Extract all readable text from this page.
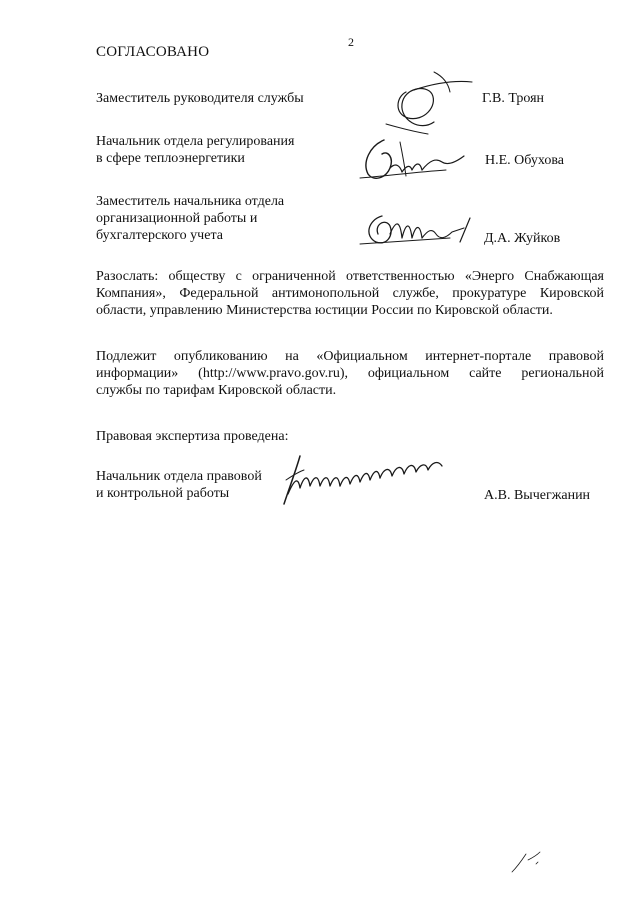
2
СОГЛАСОВАНО
Заместитель руководителя службы	Г.В. Троян
Начальник отдела регулирования
в сфере теплоэнергетики	Н.Е. Обухова
Заместитель начальника отдела
организационной работы и
бухгалтерского учета	Д.А. Жуйков
Разослать: обществу с ограниченной ответственностью «Энерго Снабжающая
Компания», Федеральной антимонопольной службе, прокуратуре Кировской
области, управлению Министерства юстиции России по Кировской области.
Подлежит опубликованию на «Официальном интернет-портале правовой
информации» (http://www.pravo.gov.ru), официальном сайте региональной
службы по тарифам Кировской области.
Правовая экспертиза проведена:
Начальник отдела правовой
и контрольной работы	А.В. Вычегжанин
